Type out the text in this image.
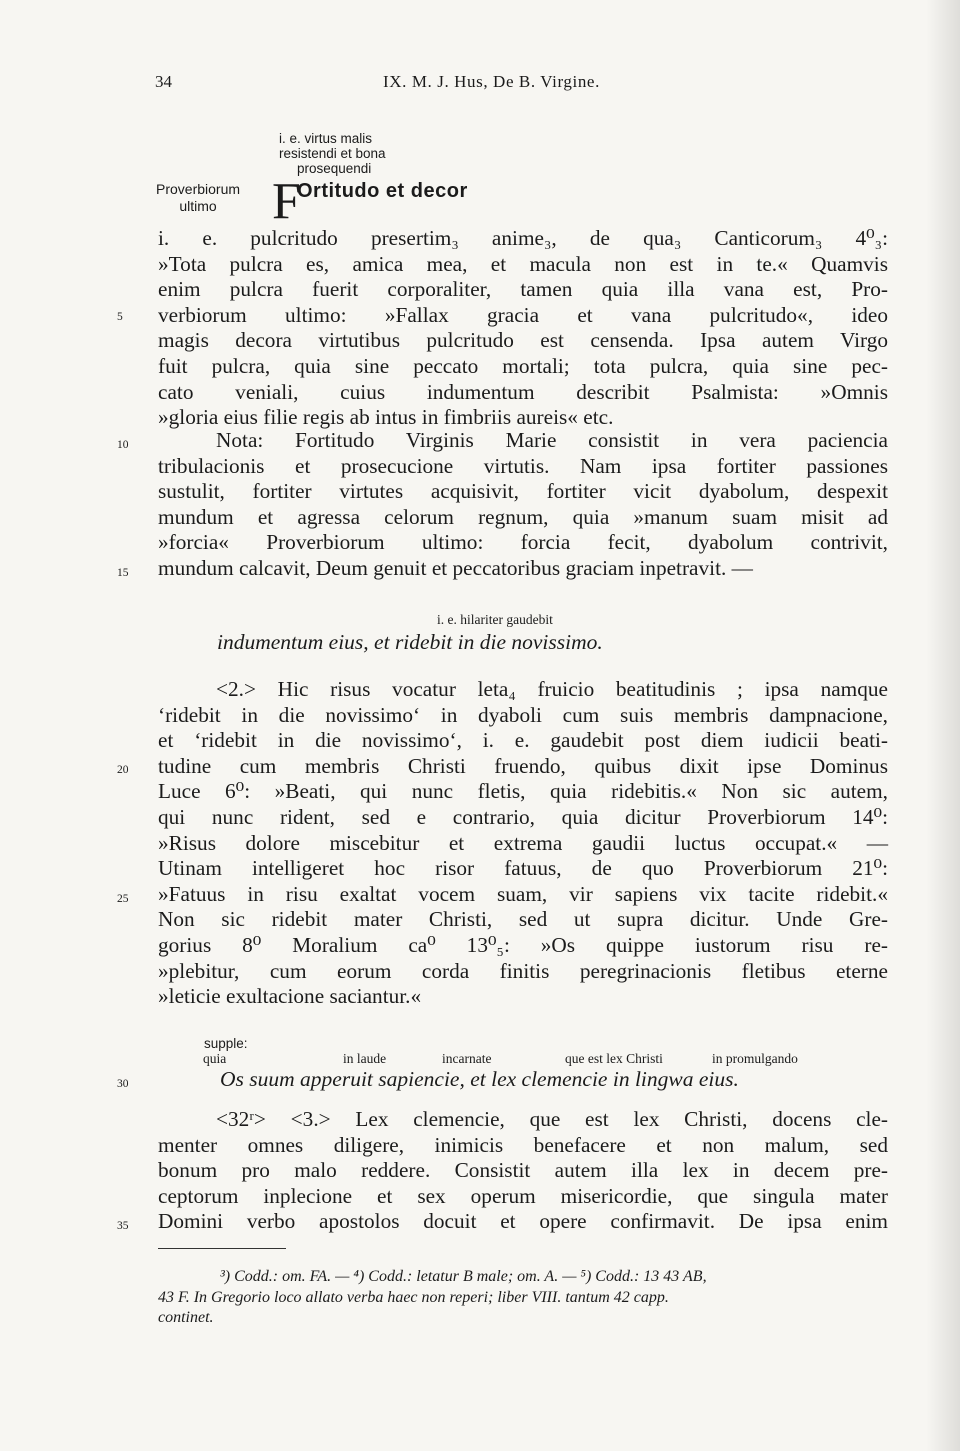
34	IX. M. J. Hus, De B. Virgine.
i. e. virtus malis
resistendi et bona
prosequendi
Proverbiorum
ultimo	F
Ortitudo et decor

i. e. pulcritudo presertim₃ anime₃, de qua₃ Canticorum₃ 4⁰₃:

»Tota pulcra es, amica mea, et macula non est in te.« Quamvis

enim pulcra fuerit corporaliter, tamen quia illa vana est, Pro-

verbiorum ultimo: »Fallax gracia et vana pulcritudo«, ideo

magis decora virtutibus pulcritudo est censenda. Ipsa autem Virgo

fuit pulcra, quia sine peccato mortali; tota pulcra, quia sine pec-

cato veniali, cuius indumentum describit Psalmista: »Omnis

»gloria eius filie regis ab intus in fimbriis aureis« etc.

Nota: Fortitudo Virginis Marie consistit in vera paciencia

tribulacionis et prosecucione virtutis. Nam ipsa fortiter passiones

sustulit, fortiter virtutes acquisivit, fortiter vicit dyabolum, despexit

mundum et agressa celorum regnum, quia »manum suam misit ad

»forcia« Proverbiorum ultimo: forcia fecit, dyabolum contrivit,

mundum calcavit, Deum genuit et peccatoribus graciam inpetravit. —

i. e. hilariter gaudebit
indumentum eius, et ridebit in die novissimo.

<2.> Hic risus vocatur leta₄ fruicio beatitudinis ; ipsa namque

‘ridebit in die novissimo‘ in dyaboli cum suis membris dampnacione,

et ‘ridebit in die novissimo‘, i. e. gaudebit post diem iudicii beati-

tudine cum membris Christi fruendo, quibus dixit ipse Dominus

Luce 6⁰: »Beati, qui nunc fletis, quia ridebitis.« Non sic autem,

qui nunc rident, sed e contrario, quia dicitur Proverbiorum 14⁰:

»Risus dolore miscebitur et extrema gaudii luctus occupat.« —

Utinam intelligeret hoc risor fatuus, de quo Proverbiorum 21⁰:

»Fatuus in risu exaltat vocem suam, vir sapiens vix tacite ridebit.«

Non sic ridebit mater Christi, sed ut supra dicitur. Unde Gre-

gorius 8⁰ Moralium ca⁰ 13⁰₅: »Os quippe iustorum risu re-

»plebitur, cum eorum corda finitis peregrinacionis fletibus eterne

»leticie exultacione saciantur.«

supple:
quia	in laude	incarnate	que est lex Christi	in promulgando
Os suum apperuit sapiencie, et lex clemencie in lingwa eius.

<32ʳ> <3.> Lex clemencie, que est lex Christi, docens cle-

menter omnes diligere, inimicis benefacere et non malum, sed

bonum pro malo reddere. Consistit autem illa lex in decem pre-

ceptorum inplecione et sex operum misericordie, que singula mater

Domini verbo apostolos docuit et opere confirmavit. De ipsa enim

5
10
15
20
25
30
35

³) Codd.: om. FA. — ⁴) Codd.: letatur B male; om. A. — ⁵) Codd.: 13 43 AB,

43 F. In Gregorio loco allato verba haec non reperi; liber VIII. tantum 42 capp.

continet.
